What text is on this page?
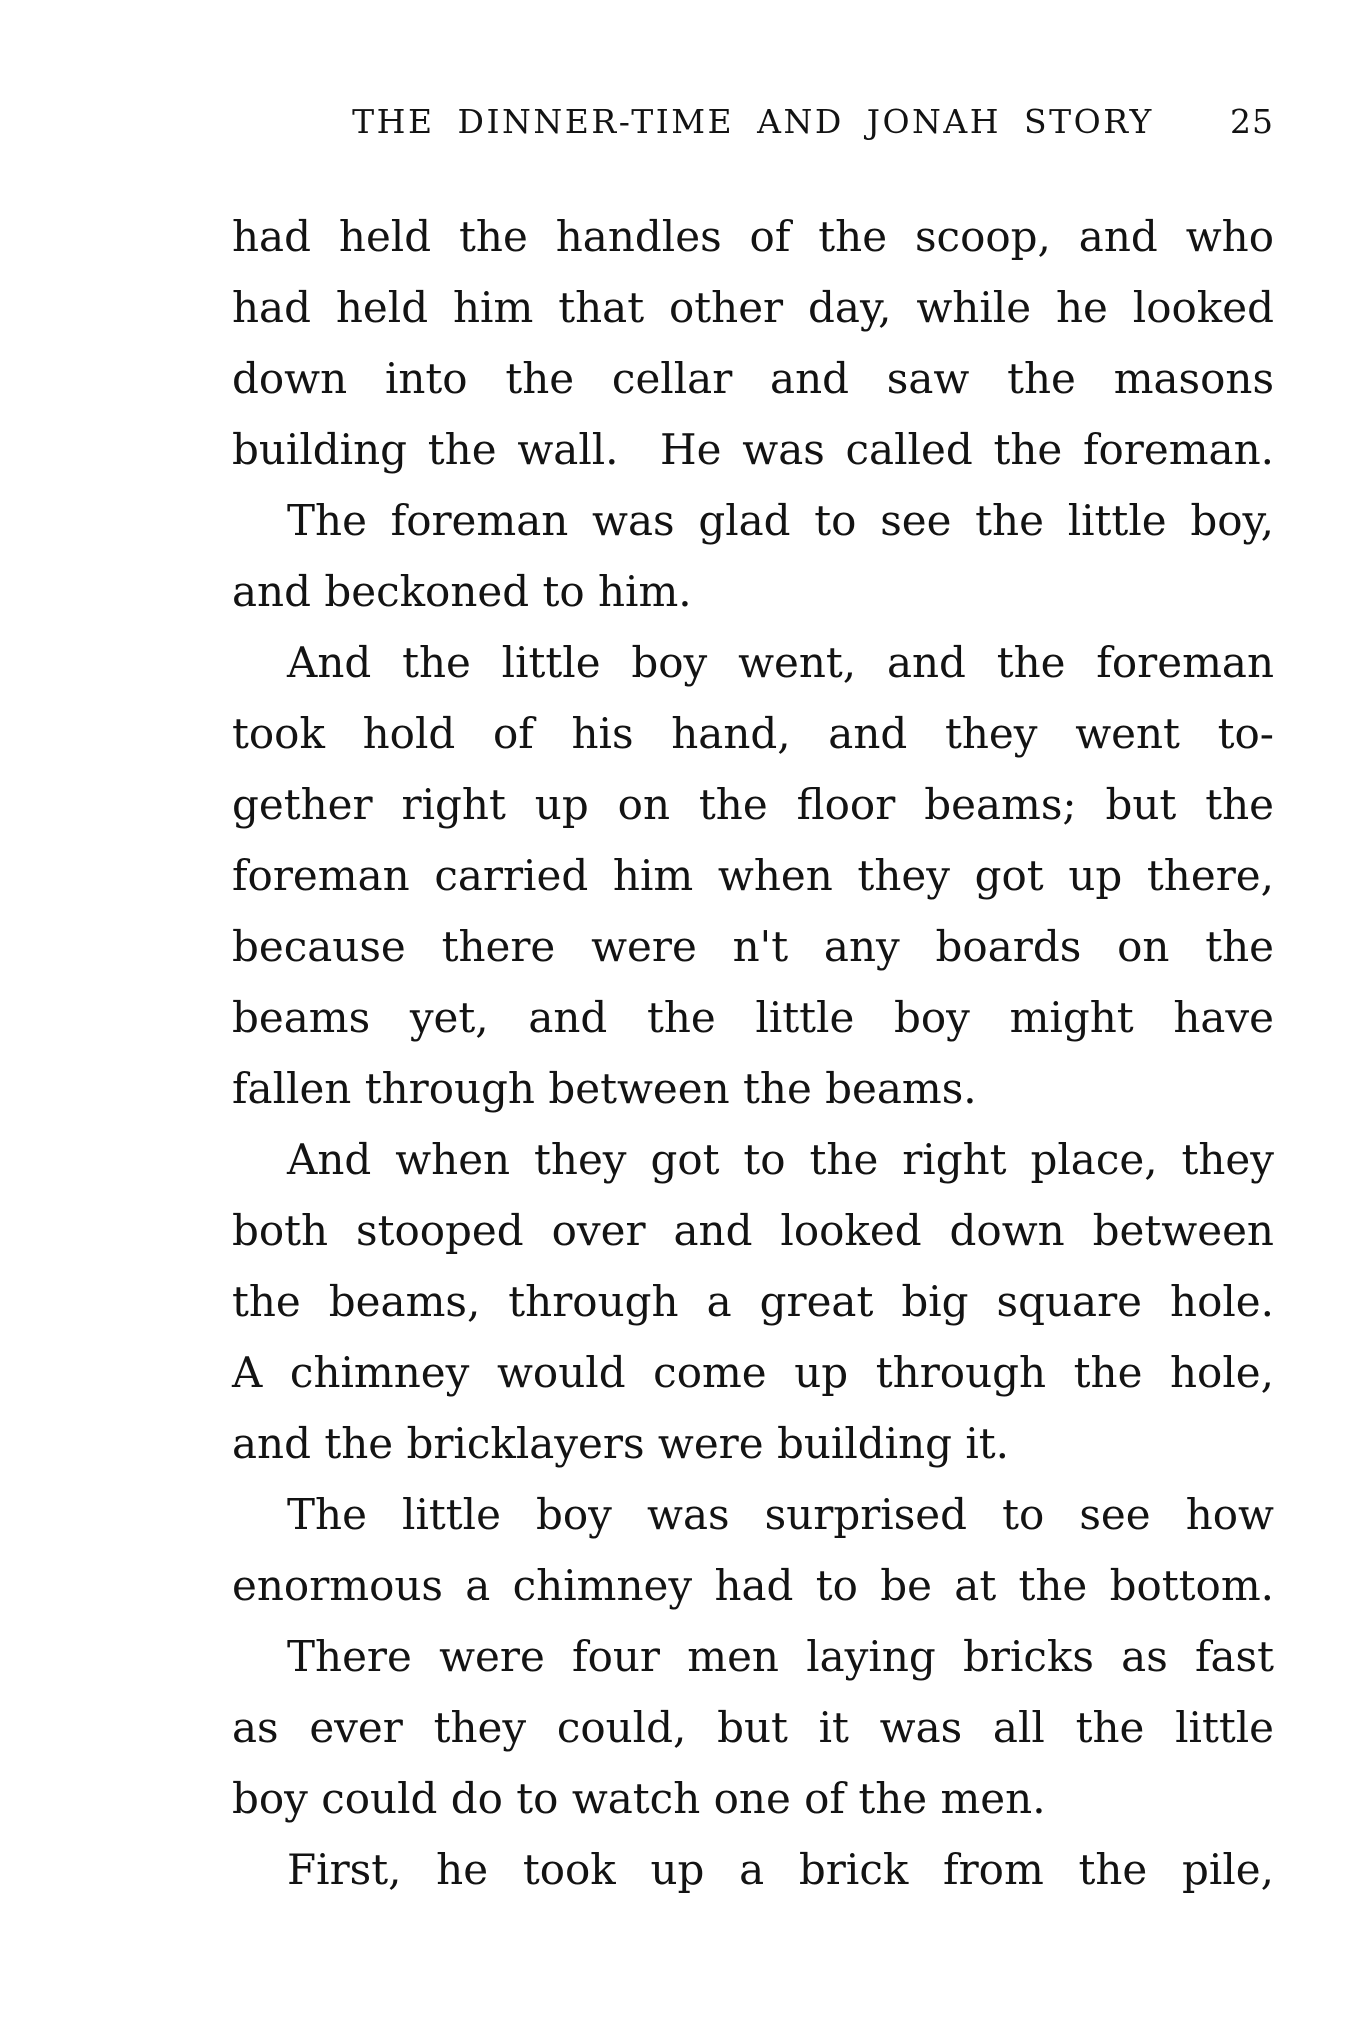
THE DINNER-TIME AND JONAH STORY	25
had held the handles of the scoop, and who
had held him that other day, while he looked
down into the cellar and saw the masons
building the wall.  He was called the foreman.
The foreman was glad to see the little boy,
and beckoned to him.
And the little boy went, and the foreman
took hold of his hand, and they went to-
gether right up on the floor beams; but the
foreman carried him when they got up there,
because there were n't any boards on the
beams yet, and the little boy might have
fallen through between the beams.
And when they got to the right place, they
both stooped over and looked down between
the beams, through a great big square hole.
A chimney would come up through the hole,
and the bricklayers were building it.
The little boy was surprised to see how
enormous a chimney had to be at the bottom.
There were four men laying bricks as fast
as ever they could, but it was all the little
boy could do to watch one of the men.
First, he took up a brick from the pile,
